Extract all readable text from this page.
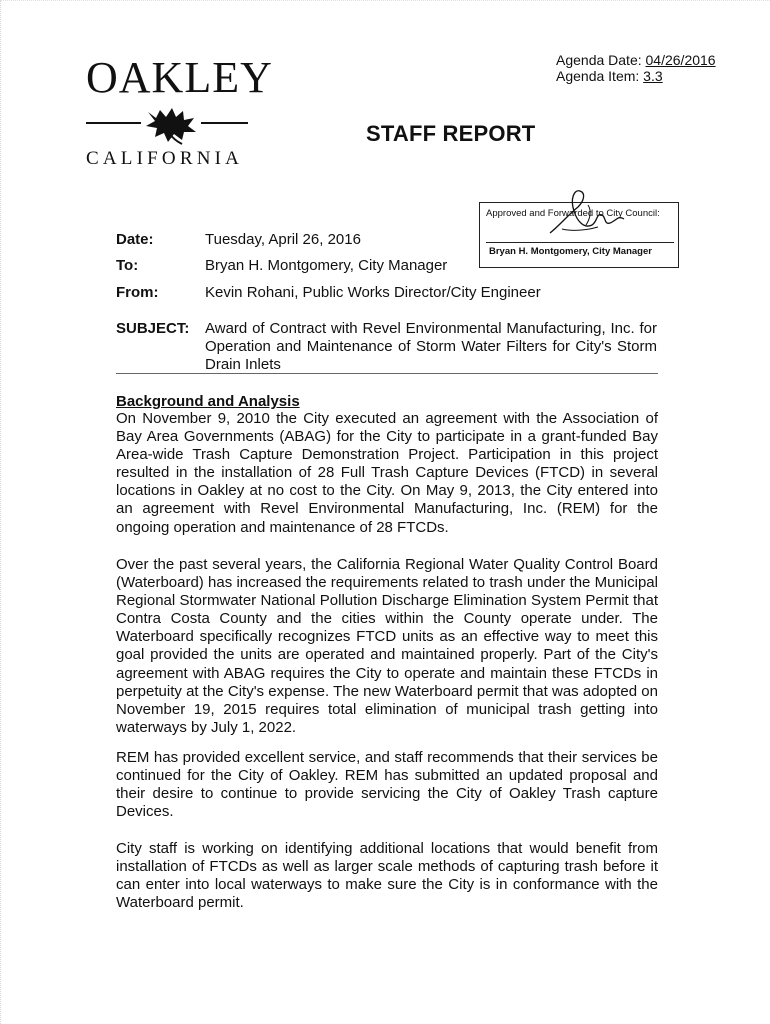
OAKLEY
CALIFORNIA
Agenda Date: 04/26/2016
Agenda Item: 3.3
STAFF REPORT
Approved and Forwarded to City Council:
Bryan H. Montgomery, City Manager
Date:	Tuesday, April 26, 2016
To:	Bryan H. Montgomery, City Manager
From:	Kevin Rohani, Public Works Director/City Engineer
SUBJECT: Award of Contract with Revel Environmental Manufacturing, Inc. for
Operation and Maintenance of Storm Water Filters for City's Storm
Drain Inlets
Background and Analysis

On November 9, 2010 the City executed an agreement with the Association of Bay Area Governments (ABAG) for the City to participate in a grant-funded Bay Area-wide Trash Capture Demonstration Project. Participation in this project resulted in the installation of 28 Full Trash Capture Devices (FTCD) in several locations in Oakley at no cost to the City. On May 9, 2013, the City entered into an agreement with Revel Environmental Manufacturing, Inc. (REM) for the ongoing operation and maintenance of 28 FTCDs.

Over the past several years, the California Regional Water Quality Control Board (Waterboard) has increased the requirements related to trash under the Municipal Regional Stormwater National Pollution Discharge Elimination System Permit that Contra Costa County and the cities within the County operate under. The Waterboard specifically recognizes FTCD units as an effective way to meet this goal provided the units are operated and maintained properly. Part of the City's agreement with ABAG requires the City to operate and maintain these FTCDs in perpetuity at the City's expense. The new Waterboard permit that was adopted on November 19, 2015 requires total elimination of municipal trash getting into waterways by July 1, 2022.

REM has provided excellent service, and staff recommends that their services be continued for the City of Oakley. REM has submitted an updated proposal and their desire to continue to provide servicing the City of Oakley Trash capture Devices.

City staff is working on identifying additional locations that would benefit from installation of FTCDs as well as larger scale methods of capturing trash before it can enter into local waterways to make sure the City is in conformance with the Waterboard permit.
